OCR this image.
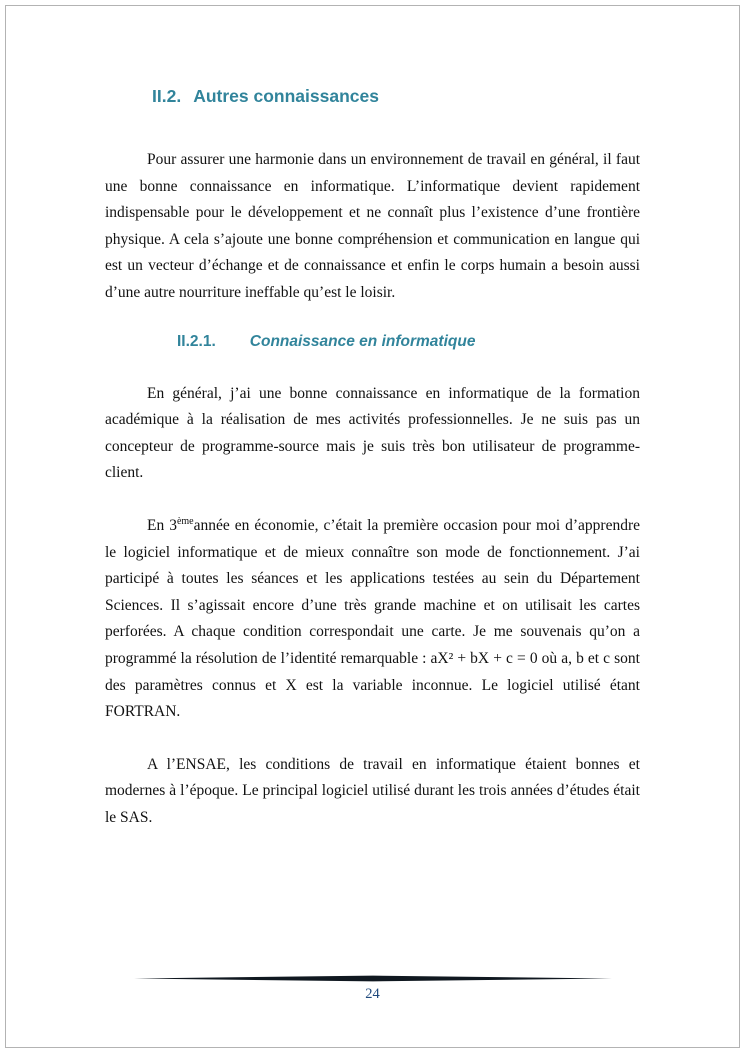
II.2. Autres connaissances

Pour assurer une harmonie dans un environnement de travail en général, il faut une bonne connaissance en informatique. L’informatique devient rapidement indispensable pour le développement et ne connaît plus l’existence d’une frontière physique. A cela s’ajoute une bonne compréhension et communication en langue qui est un vecteur d’échange et de connaissance et enfin le corps humain a besoin aussi d’une autre nourriture ineffable qu’est le loisir.

II.2.1. Connaissance en informatique

En général, j’ai une bonne connaissance en informatique de la formation académique à la réalisation de mes activités professionnelles. Je ne suis pas un concepteur de programme-source mais je suis très bon utilisateur de programme-client.

En 3èmeannée en économie, c’était la première occasion pour moi d’apprendre le logiciel informatique et de mieux connaître son mode de fonctionnement. J’ai participé à toutes les séances et les applications testées au sein du Département Sciences. Il s’agissait encore d’une très grande machine et on utilisait les cartes perforées. A chaque condition correspondait une carte. Je me souvenais qu’on a programmé la résolution de l’identité remarquable : aX² + bX + c = 0 où a, b et c sont des paramètres connus et X est la variable inconnue. Le logiciel utilisé étant FORTRAN.

A l’ENSAE, les conditions de travail en informatique étaient bonnes et modernes à l’époque. Le principal logiciel utilisé durant les trois années d’études était le SAS.

24
